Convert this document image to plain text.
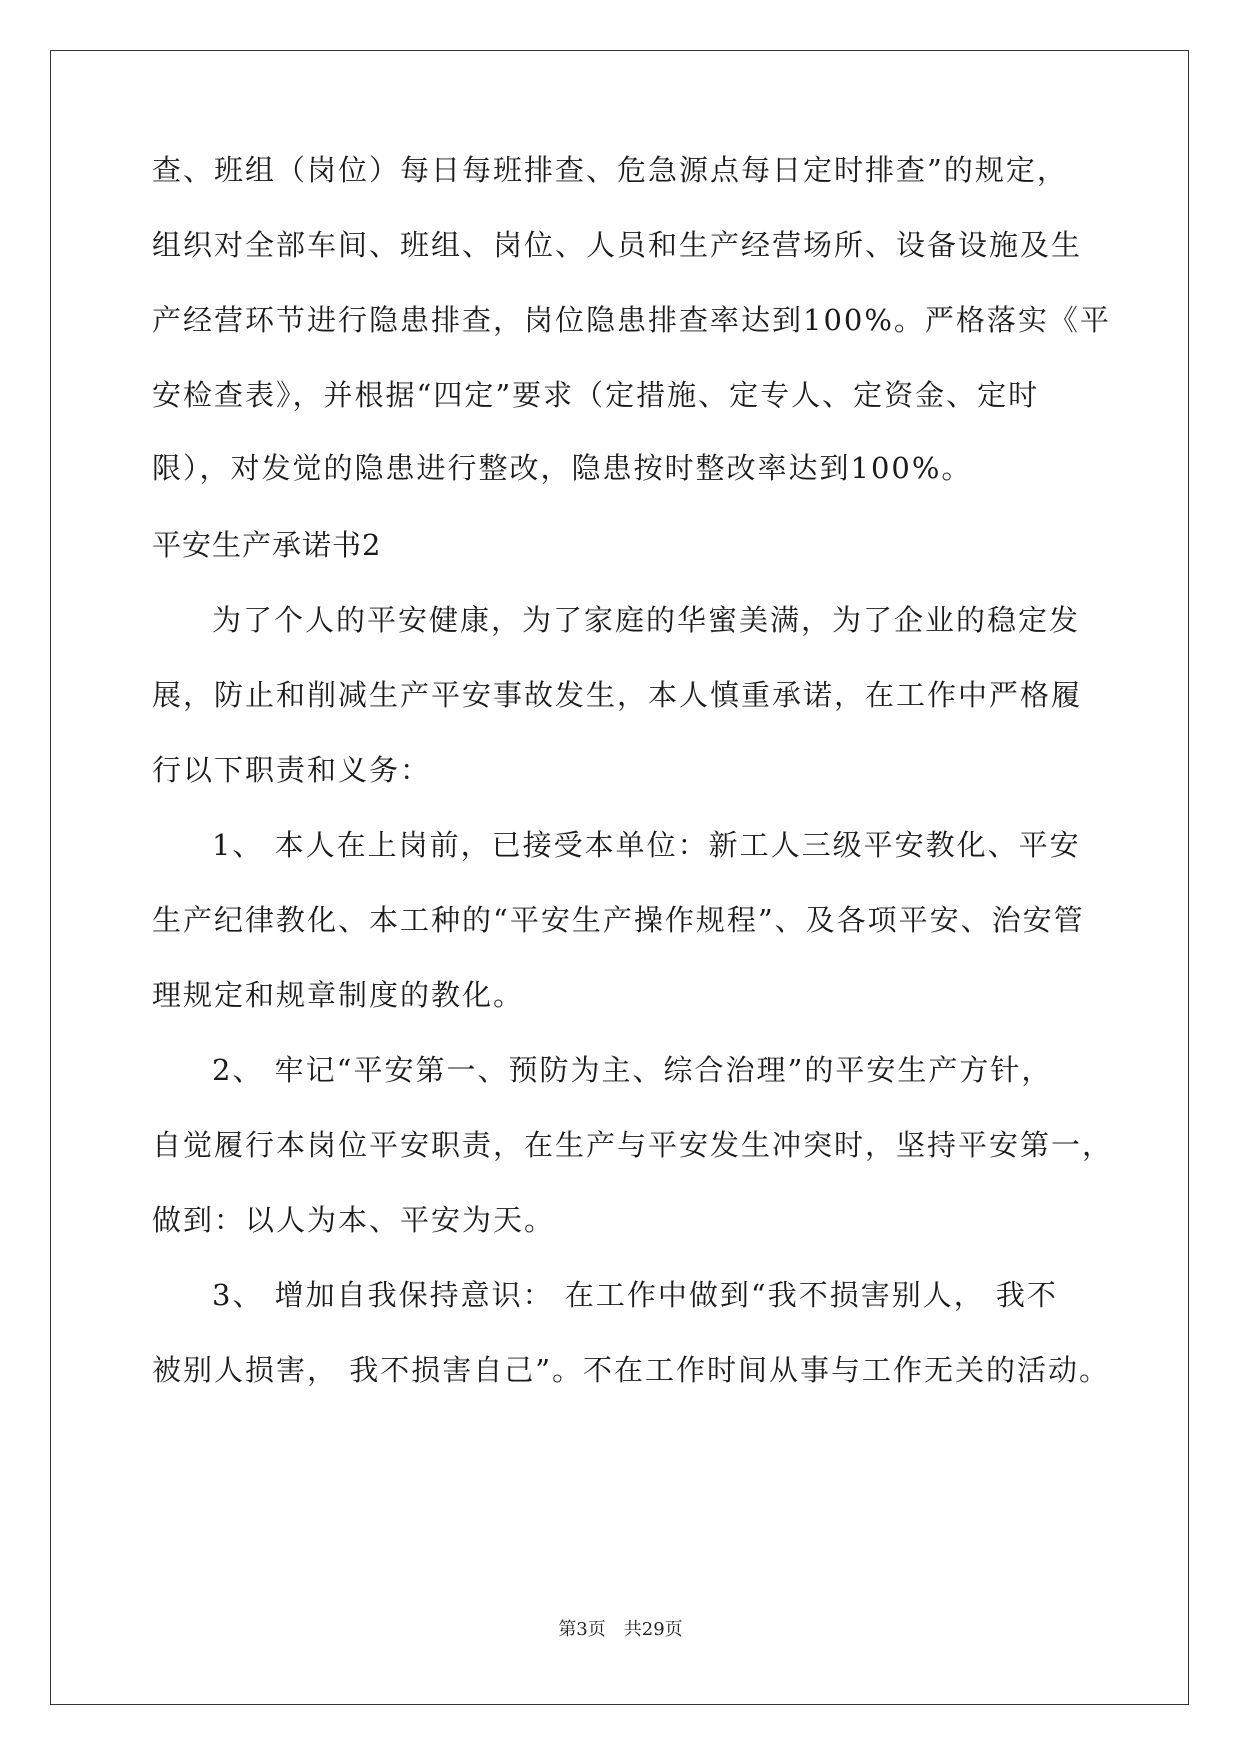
查、班组（岗位）每日每班排查、危急源点每日定时排查”的规定，
组织对全部车间、班组、岗位、人员和生产经营场所、设备设施及生
产经营环节进行隐患排查，岗位隐患排查率达到100%。严格落实《平
安检查表》，并根据“四定”要求（定措施、定专人、定资金、定时
限），对发觉的隐患进行整改，隐患按时整改率达到100%。
平安生产承诺书2
为了个人的平安健康，为了家庭的华蜜美满，为了企业的稳定发
展，防止和削减生产平安事故发生，本人慎重承诺，在工作中严格履
行以下职责和义务：
1、 本人在上岗前，已接受本单位：新工人三级平安教化、平安
生产纪律教化、本工种的“平安生产操作规程”、及各项平安、治安管
理规定和规章制度的教化。
2、 牢记“平安第一、预防为主、综合治理”的平安生产方针，
自觉履行本岗位平安职责，在生产与平安发生冲突时，坚持平安第一，
做到：以人为本、平安为天。
3、 增加自我保持意识： 在工作中做到“我不损害别人， 我不
被别人损害， 我不损害自己”。不在工作时间从事与工作无关的活动。
第3页 共29页
